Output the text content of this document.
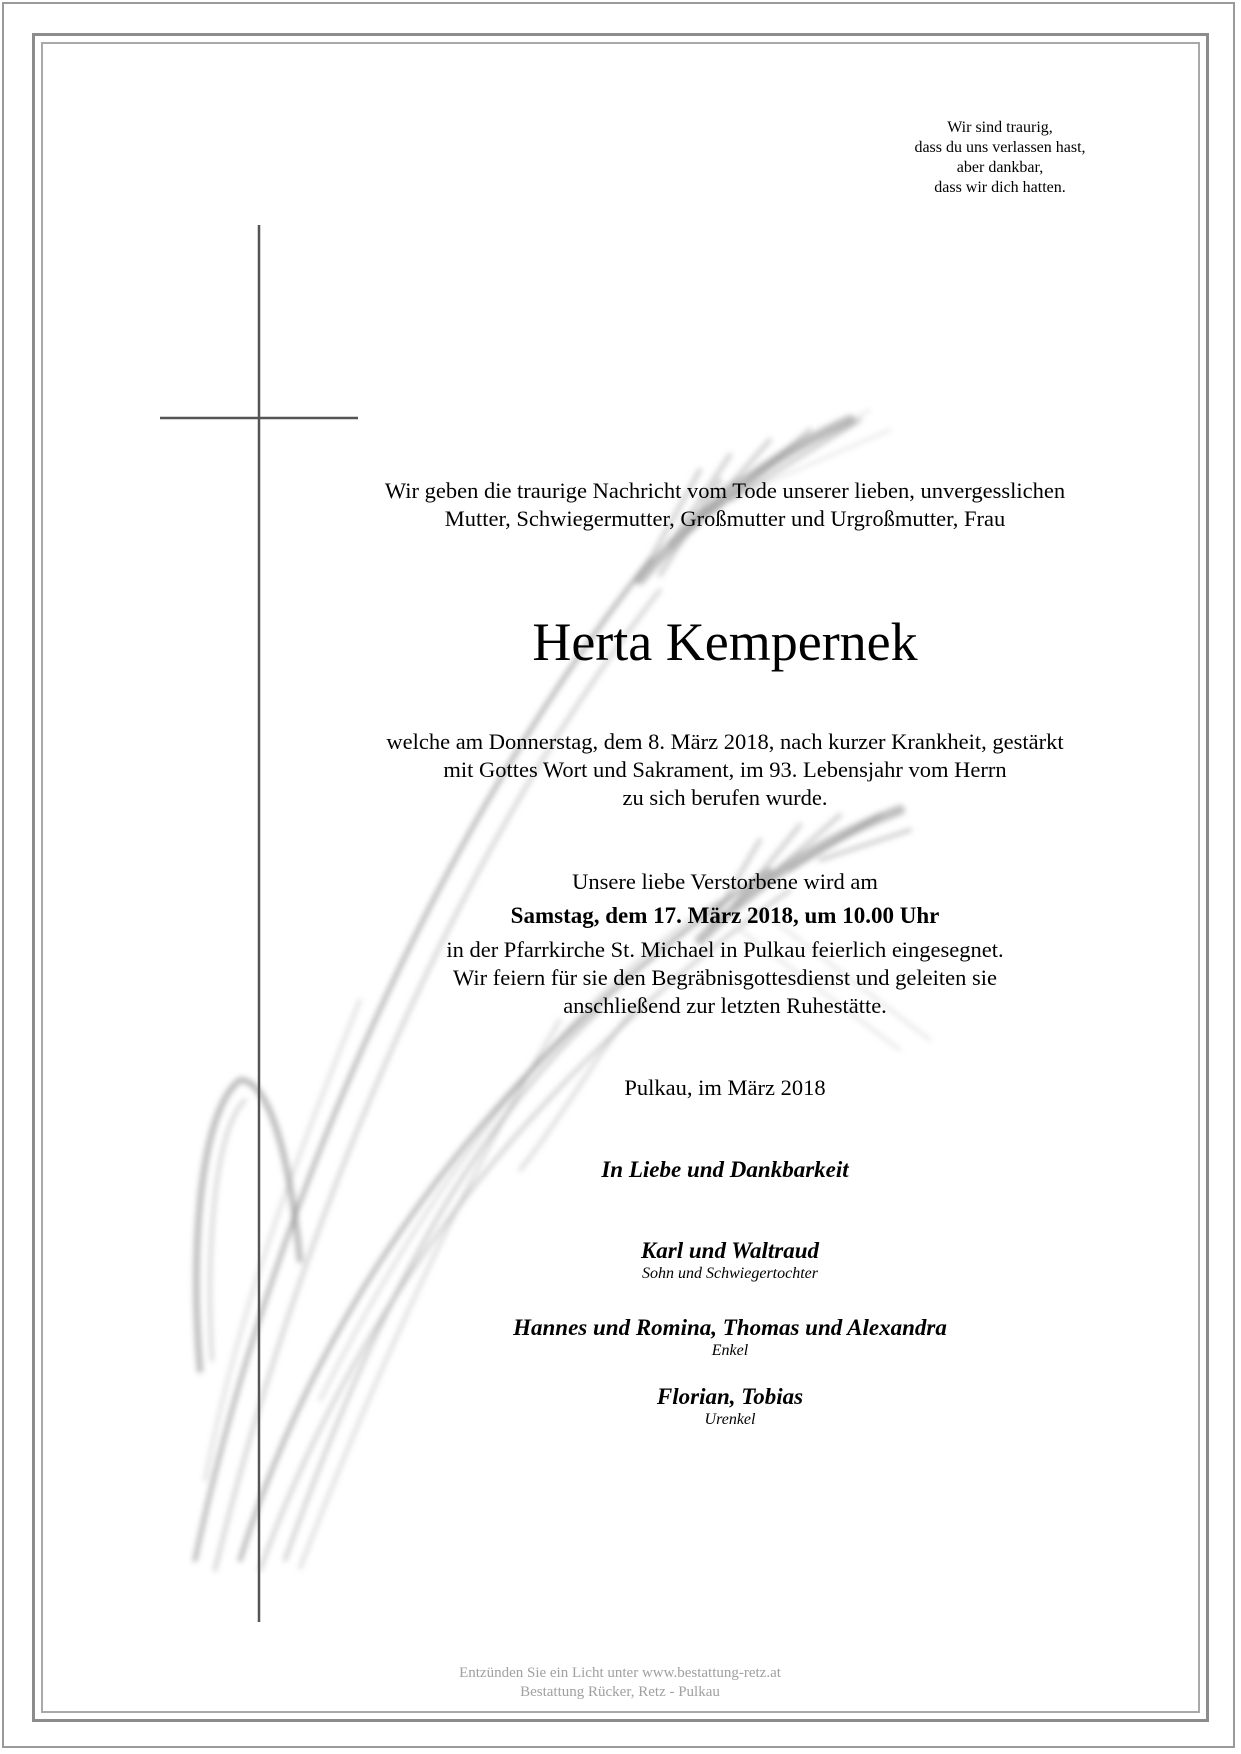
Wir sind traurig,
dass du uns verlassen hast,
aber dankbar,
dass wir dich hatten.
Wir geben die traurige Nachricht vom Tode unserer lieben, unvergesslichen
Mutter, Schwiegermutter, Großmutter und Urgroßmutter, Frau
Herta Kempernek
welche am Donnerstag, dem 8. März 2018, nach kurzer Krankheit, gestärkt
mit Gottes Wort und Sakrament, im 93. Lebensjahr vom Herrn
zu sich berufen wurde.
Unsere liebe Verstorbene wird am
Samstag, dem 17. März 2018, um 10.00 Uhr
in der Pfarrkirche St. Michael in Pulkau feierlich eingesegnet.
Wir feiern für sie den Begräbnisgottesdienst und geleiten sie
anschließend zur letzten Ruhestätte.
Pulkau, im März 2018
In Liebe und Dankbarkeit
Karl und Waltraud
Sohn und Schwiegertochter
Hannes und Romina, Thomas und Alexandra
Enkel
Florian, Tobias
Urenkel
Entzünden Sie ein Licht unter www.bestattung-retz.at
Bestattung Rücker, Retz - Pulkau
